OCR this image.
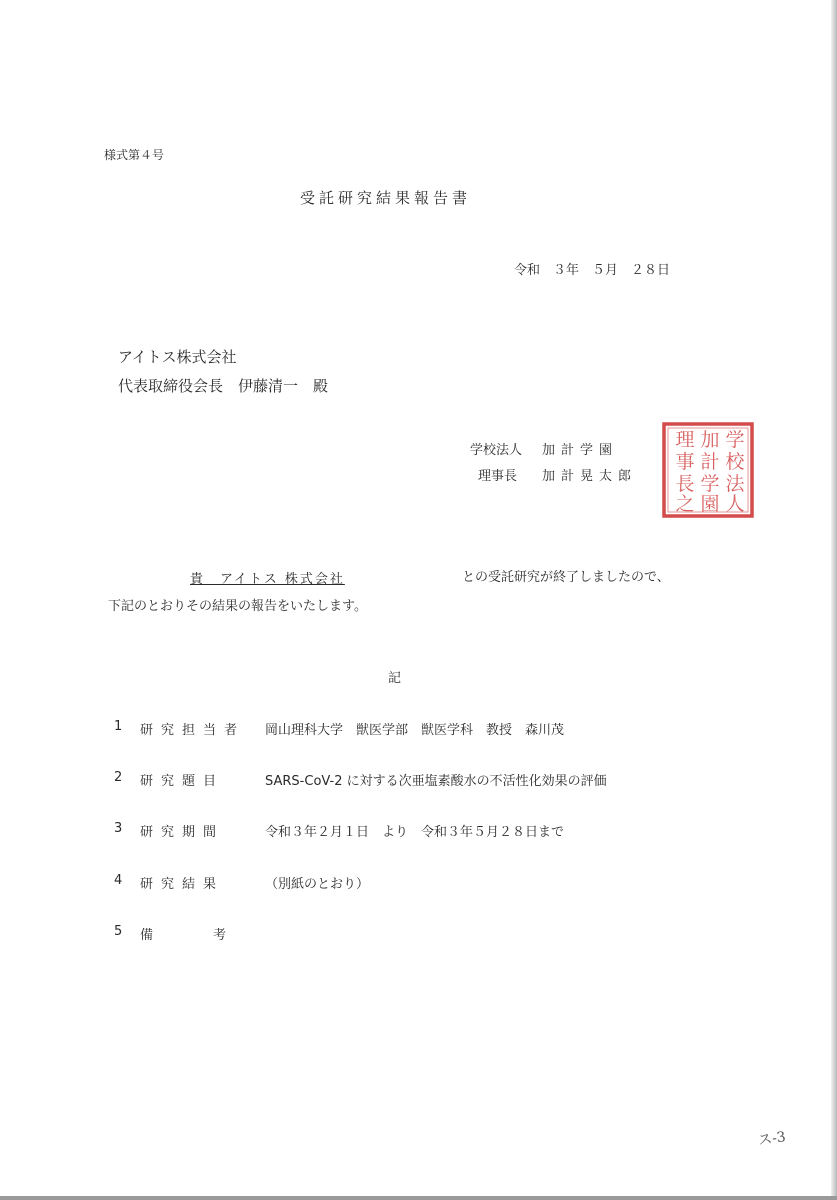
様式第４号
受託研究結果報告書
令和　３年　５月　２８日
アイトス株式会社
代表取締役会長　伊藤清一　殿
学校法人 加計学園
理事長 加計晃太郎
学
校
法
人
加
計
学
園
理
事
長
之
貴　アイトス 株式会社	との受託研究が終了しましたので、
下記のとおりその結果の報告をいたします。
記
1 研究担当者 岡山理科大学　獣医学部　獣医学科　教授　森川茂
2 研究題目	SARS-CoV-2 に対する次亜塩素酸水の不活性化効果の評価
3 研究期間	令和３年２月１日　より　令和３年５月２８日まで
4 研究結果	（別紙のとおり）
5 備考
ス-3
